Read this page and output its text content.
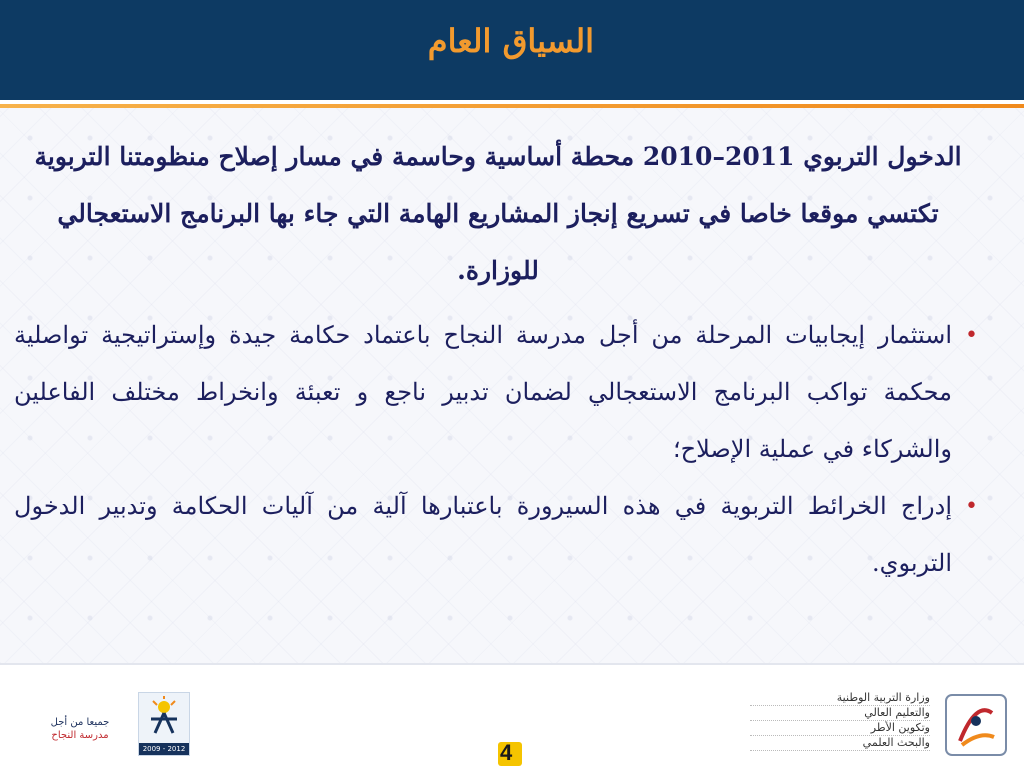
السياق العام

الدخول التربوي 2011–2010 محطة أساسية وحاسمة في مسار إصلاح منظومتنا التربوية تكتسي موقعا خاصا في تسريع إنجاز المشاريع الهامة التي جاء بها البرنامج الاستعجالي للوزارة.

•
استثمار إيجابيات المرحلة من أجل مدرسة النجاح باعتماد حكامة جيدة وإستراتيجية تواصلية محكمة تواكب البرنامج الاستعجالي لضمان تدبير ناجع و تعبئة وانخراط مختلف الفاعلين والشركاء في عملية الإصلاح؛
•
إدراج الخرائط التربوية في هذه السيرورة باعتبارها آلية من آليات الحكامة وتدبير الدخول التربوي.
وزارة التربية الوطنية
والتعليم العالي
وتكوين الأطر
والبحث العلمي
2009 - 2012
جميعا من أجل
مدرسة النجاح
4
